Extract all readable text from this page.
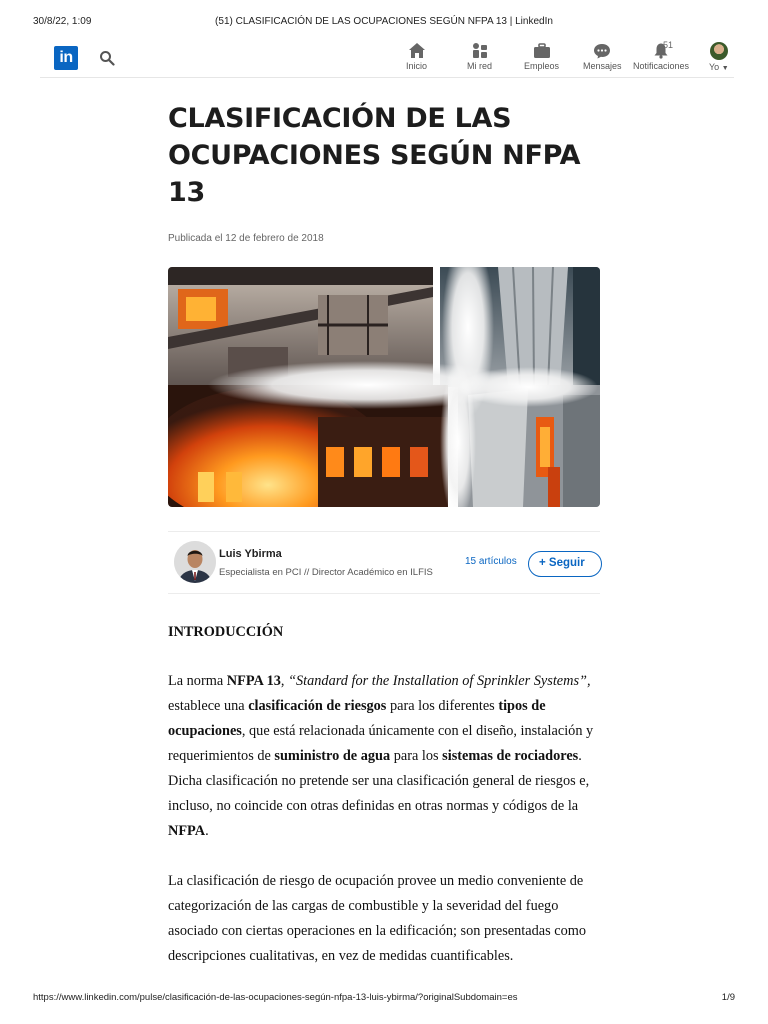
30/8/22, 1:09	(51) CLASIFICACIÓN DE LAS OCUPACIONES SEGÚN NFPA 13 | LinkedIn
in	Inicio	Mi red	Empleos	Mensajes
51
Notificaciones Yo ▼
CLASIFICACIÓN DE LAS OCUPACIONES SEGÚN NFPA 13
Publicada el 12 de febrero de 2018
Luis Ybirma
Especialista en PCI // Director Académico en ILFIS
15 artículos	+ Seguir
INTRODUCCIÓN

La norma NFPA 13, “Standard for the Installation of Sprinkler Systems”, establece una clasificación de riesgos para los diferentes tipos de ocupaciones, que está relacionada únicamente con el diseño, instalación y requerimientos de suministro de agua para los sistemas de rociadores. Dicha clasificación no pretende ser una clasificación general de riesgos e, incluso, no coincide con otras definidas en otras normas y códigos de la NFPA.

La clasificación de riesgo de ocupación provee un medio conveniente de categorización de las cargas de combustible y la severidad del fuego asociado con ciertas operaciones en la edificación; son presentadas como descripciones cualitativas, en vez de medidas cuantificables.

https://www.linkedin.com/pulse/clasificación-de-las-ocupaciones-según-nfpa-13-luis-ybirma/?originalSubdomain=es	1/9
